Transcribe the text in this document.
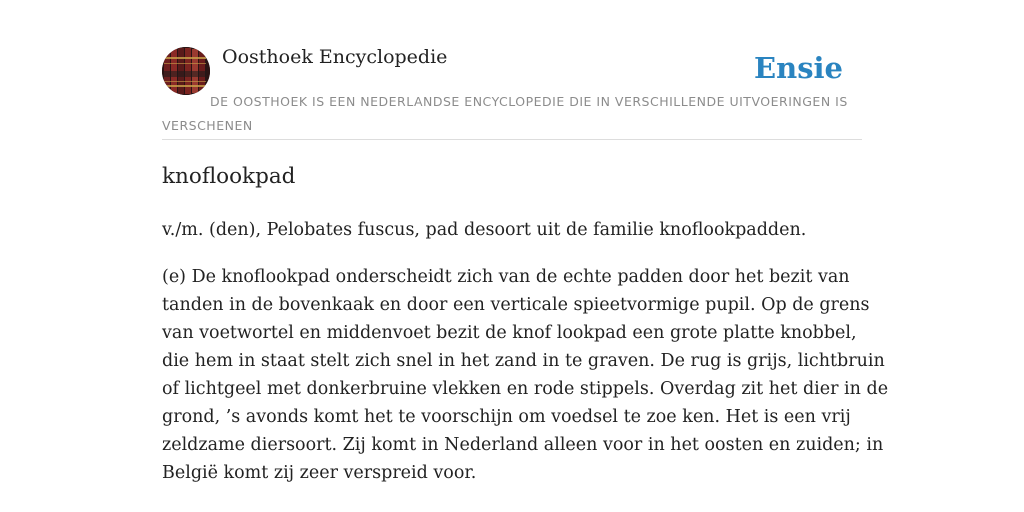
Oosthoek Encyclopedie	Ensie
DE OOSTHOEK IS EEN NEDERLANDSE ENCYCLOPEDIE DIE IN VERSCHILLENDE UITVOERINGEN IS VERSCHENEN
knoflookpad

v./m. (den), Pelobates fuscus, pad desoort uit de familie knoflookpadden.

(e) De knoflookpad onderscheidt zich van de echte padden door het bezit van
tanden in de bovenkaak en door een verticale spieetvormige pupil. Op de grens
van voetwortel en middenvoet bezit de knof lookpad een grote platte knobbel,
die hem in staat stelt zich snel in het zand in te graven. De rug is grijs, lichtbruin
of lichtgeel met donkerbruine vlekken en rode stippels. Overdag zit het dier in de
grond, ’s avonds komt het te voorschijn om voedsel te zoe ken. Het is een vrij
zeldzame diersoort. Zij komt in Nederland alleen voor in het oosten en zuiden; in
België komt zij zeer verspreid voor.
